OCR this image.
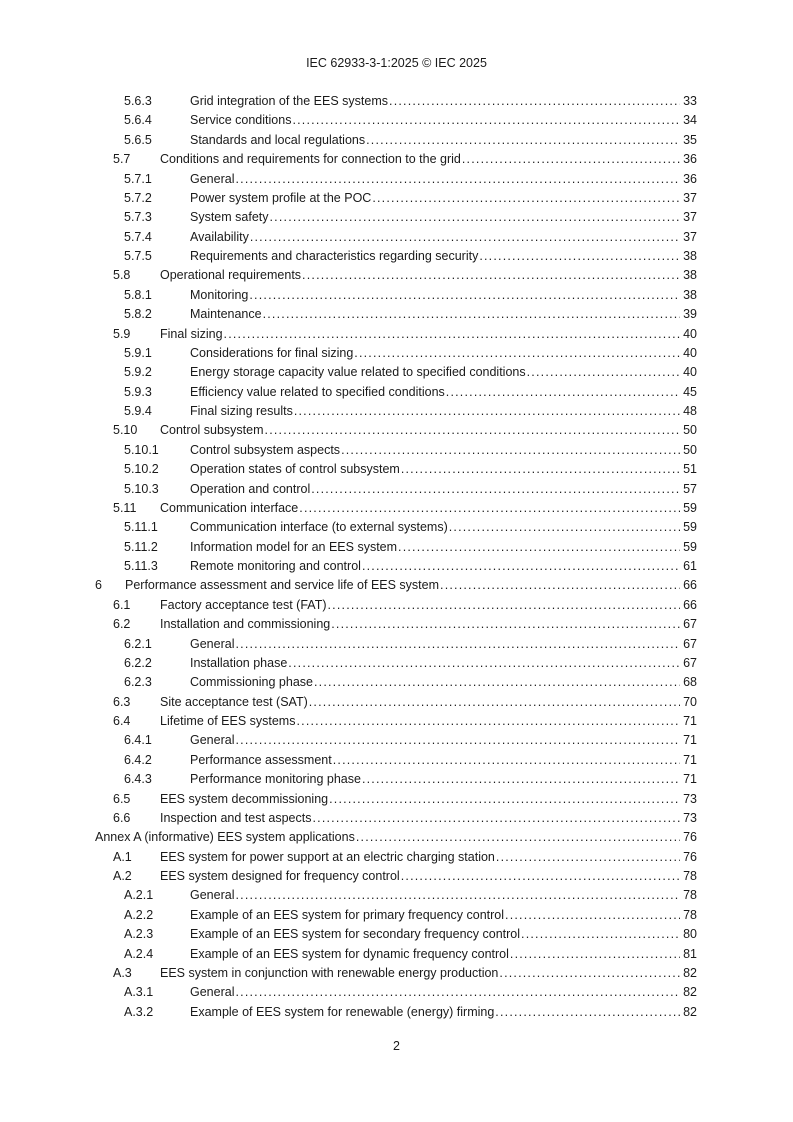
IEC 62933-3-1:2025 © IEC 2025
5.6.3	Grid integration of the EES systems .....	33
5.6.4	Service conditions .....	34
5.6.5	Standards and local regulations .....	35
5.7 Conditions and requirements for connection to the grid .....	36
5.7.1	General .....	36
5.7.2	Power system profile at the POC .....	37
5.7.3	System safety .....	37
5.7.4	Availability .....	37
5.7.5	Requirements and characteristics regarding security .....	38
5.8 Operational requirements .....	38
5.8.1	Monitoring .....	38
5.8.2	Maintenance .....	39
5.9 Final sizing .....	40
5.9.1	Considerations for final sizing .....	40
5.9.2	Energy storage capacity value related to specified conditions .....	40
5.9.3	Efficiency value related to specified conditions .....	45
5.9.4	Final sizing results .....	48
5.10 Control subsystem .....	50
5.10.1 Control subsystem aspects .....	50
5.10.2 Operation states of control subsystem .....	51
5.10.3 Operation and control .....	57
5.11 Communication interface .....	59
5.11.1	Communication interface (to external systems) .....	59
5.11.2	Information model for an EES system .....	59
5.11.3	Remote monitoring and control .....	61
6 Performance assessment and service life of EES system .....	66
6.1 Factory acceptance test (FAT) .....	66
6.2 Installation and commissioning .....	67
6.2.1	General .....	67
6.2.2	Installation phase .....	67
6.2.3	Commissioning phase .....	68
6.3 Site acceptance test (SAT) .....	70
6.4 Lifetime of EES systems .....	71
6.4.1	General .....	71
6.4.2	Performance assessment .....	71
6.4.3	Performance monitoring phase .....	71
6.5 EES system decommissioning .....	73
6.6 Inspection and test aspects .....	73
Annex A (informative) EES system applications .....	76
A.1 EES system for power support at an electric charging station .....	76
A.2 EES system designed for frequency control .....	78
A.2.1	General .....	78
A.2.2	Example of an EES system for primary frequency control .....	78
A.2.3	Example of an EES system for secondary frequency control .....	80
A.2.4	Example of an EES system for dynamic frequency control .....	81
A.3 EES system in conjunction with renewable energy production .....	82
A.3.1	General .....	82
A.3.2	Example of EES system for renewable (energy) firming .....	82
2
